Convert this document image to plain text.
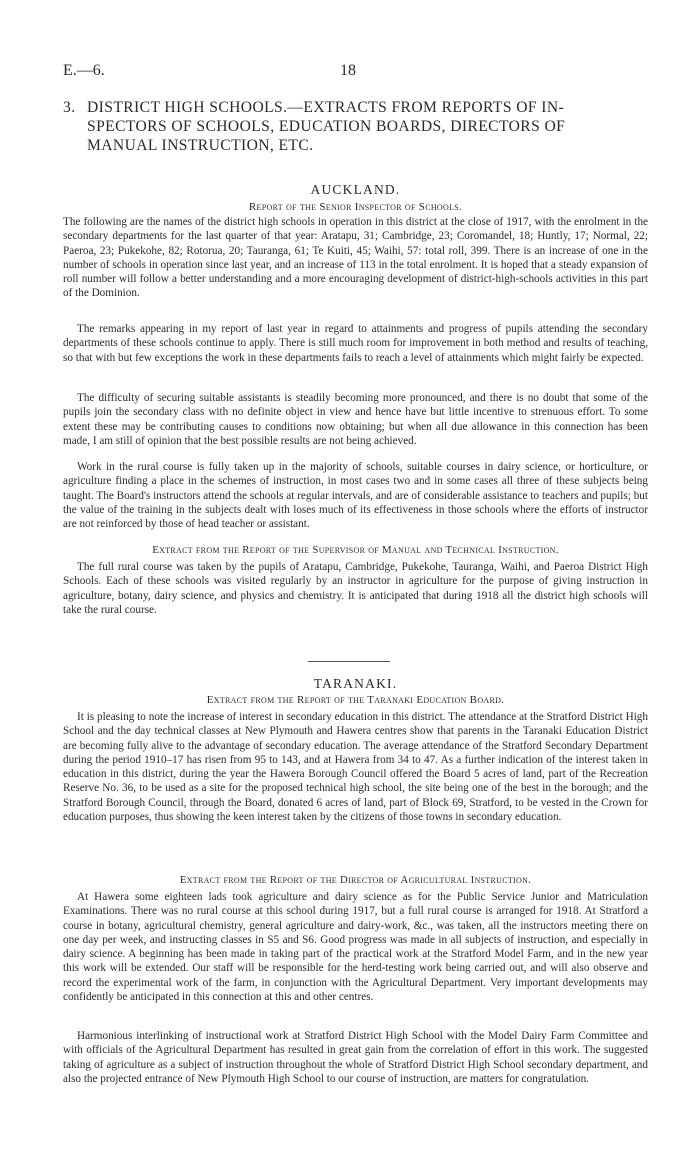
E.—6.	18
3. DISTRICT HIGH SCHOOLS.—EXTRACTS FROM REPORTS OF IN-
SPECTORS OF SCHOOLS, EDUCATION BOARDS, DIRECTORS OF
MANUAL INSTRUCTION, ETC.
AUCKLAND.
Report of the Senior Inspector of Schools.

The following are the names of the district high schools in operation in this district at the close of 1917, with the enrolment in the secondary departments for the last quarter of that year: Aratapu, 31; Cambridge, 23; Coromandel, 18; Huntly, 17; Normal, 22; Paeroa, 23; Pukekohe, 82; Rotorua, 20; Tauranga, 61; Te Kuiti, 45; Waihi, 57: total roll, 399. There is an increase of one in the number of schools in operation since last year, and an increase of 113 in the total enrolment. It is hoped that a steady expansion of roll number will follow a better understanding and a more encouraging development of district-high-schools activities in this part of the Dominion.

The remarks appearing in my report of last year in regard to attainments and progress of pupils attending the secondary departments of these schools continue to apply. There is still much room for improvement in both method and results of teaching, so that with but few exceptions the work in these departments fails to reach a level of attainments which might fairly be expected.

The difficulty of securing suitable assistants is steadily becoming more pronounced, and there is no doubt that some of the pupils join the secondary class with no definite object in view and hence have but little incentive to strenuous effort. To some extent these may be contributing causes to conditions now obtaining; but when all due allowance in this connection has been made, I am still of opinion that the best possible results are not being achieved.

Work in the rural course is fully taken up in the majority of schools, suitable courses in dairy science, or horticulture, or agriculture finding a place in the schemes of instruction, in most cases two and in some cases all three of these subjects being taught. The Board's instructors attend the schools at regular intervals, and are of considerable assistance to teachers and pupils; but the value of the training in the subjects dealt with loses much of its effectiveness in those schools where the efforts of instructor are not reinforced by those of head teacher or assistant.

Extract from the Report of the Supervisor of Manual and Technical Instruction.

The full rural course was taken by the pupils of Aratapu, Cambridge, Pukekohe, Tauranga, Waihi, and Paeroa District High Schools. Each of these schools was visited regularly by an instructor in agriculture for the purpose of giving instruction in agriculture, botany, dairy science, and physics and chemistry. It is anticipated that during 1918 all the district high schools will take the rural course.

TARANAKI.
Extract from the Report of the Taranaki Education Board.

It is pleasing to note the increase of interest in secondary education in this district. The attendance at the Stratford District High School and the day technical classes at New Plymouth and Hawera centres show that parents in the Taranaki Education District are becoming fully alive to the advantage of secondary education. The average attendance of the Stratford Secondary Department during the period 1910–17 has risen from 95 to 143, and at Hawera from 34 to 47. As a further indication of the interest taken in education in this district, during the year the Hawera Borough Council offered the Board 5 acres of land, part of the Recreation Reserve No. 36, to be used as a site for the proposed technical high school, the site being one of the best in the borough; and the Stratford Borough Council, through the Board, donated 6 acres of land, part of Block 69, Stratford, to be vested in the Crown for education purposes, thus showing the keen interest taken by the citizens of those towns in secondary education.

Extract from the Report of the Director of Agricultural Instruction.

At Hawera some eighteen lads took agriculture and dairy science as for the Public Service Junior and Matriculation Examinations. There was no rural course at this school during 1917, but a full rural course is arranged for 1918. At Stratford a course in botany, agricultural chemistry, general agriculture and dairy-work, &c., was taken, all the instructors meeting there on one day per week, and instructing classes in S5 and S6. Good progress was made in all subjects of instruction, and especially in dairy science. A beginning has been made in taking part of the practical work at the Stratford Model Farm, and in the new year this work will be extended. Our staff will be responsible for the herd-testing work being carried out, and will also observe and record the experimental work of the farm, in conjunction with the Agricultural Department. Very important developments may confidently be anticipated in this connection at this and other centres.

Harmonious interlinking of instructional work at Stratford District High School with the Model Dairy Farm Committee and with officials of the Agricultural Department has resulted in great gain from the correlation of effort in this work. The suggested taking of agriculture as a subject of instruction throughout the whole of Stratford District High School secondary department, and also the projected entrance of New Plymouth High School to our course of instruction, are matters for congratulation.
